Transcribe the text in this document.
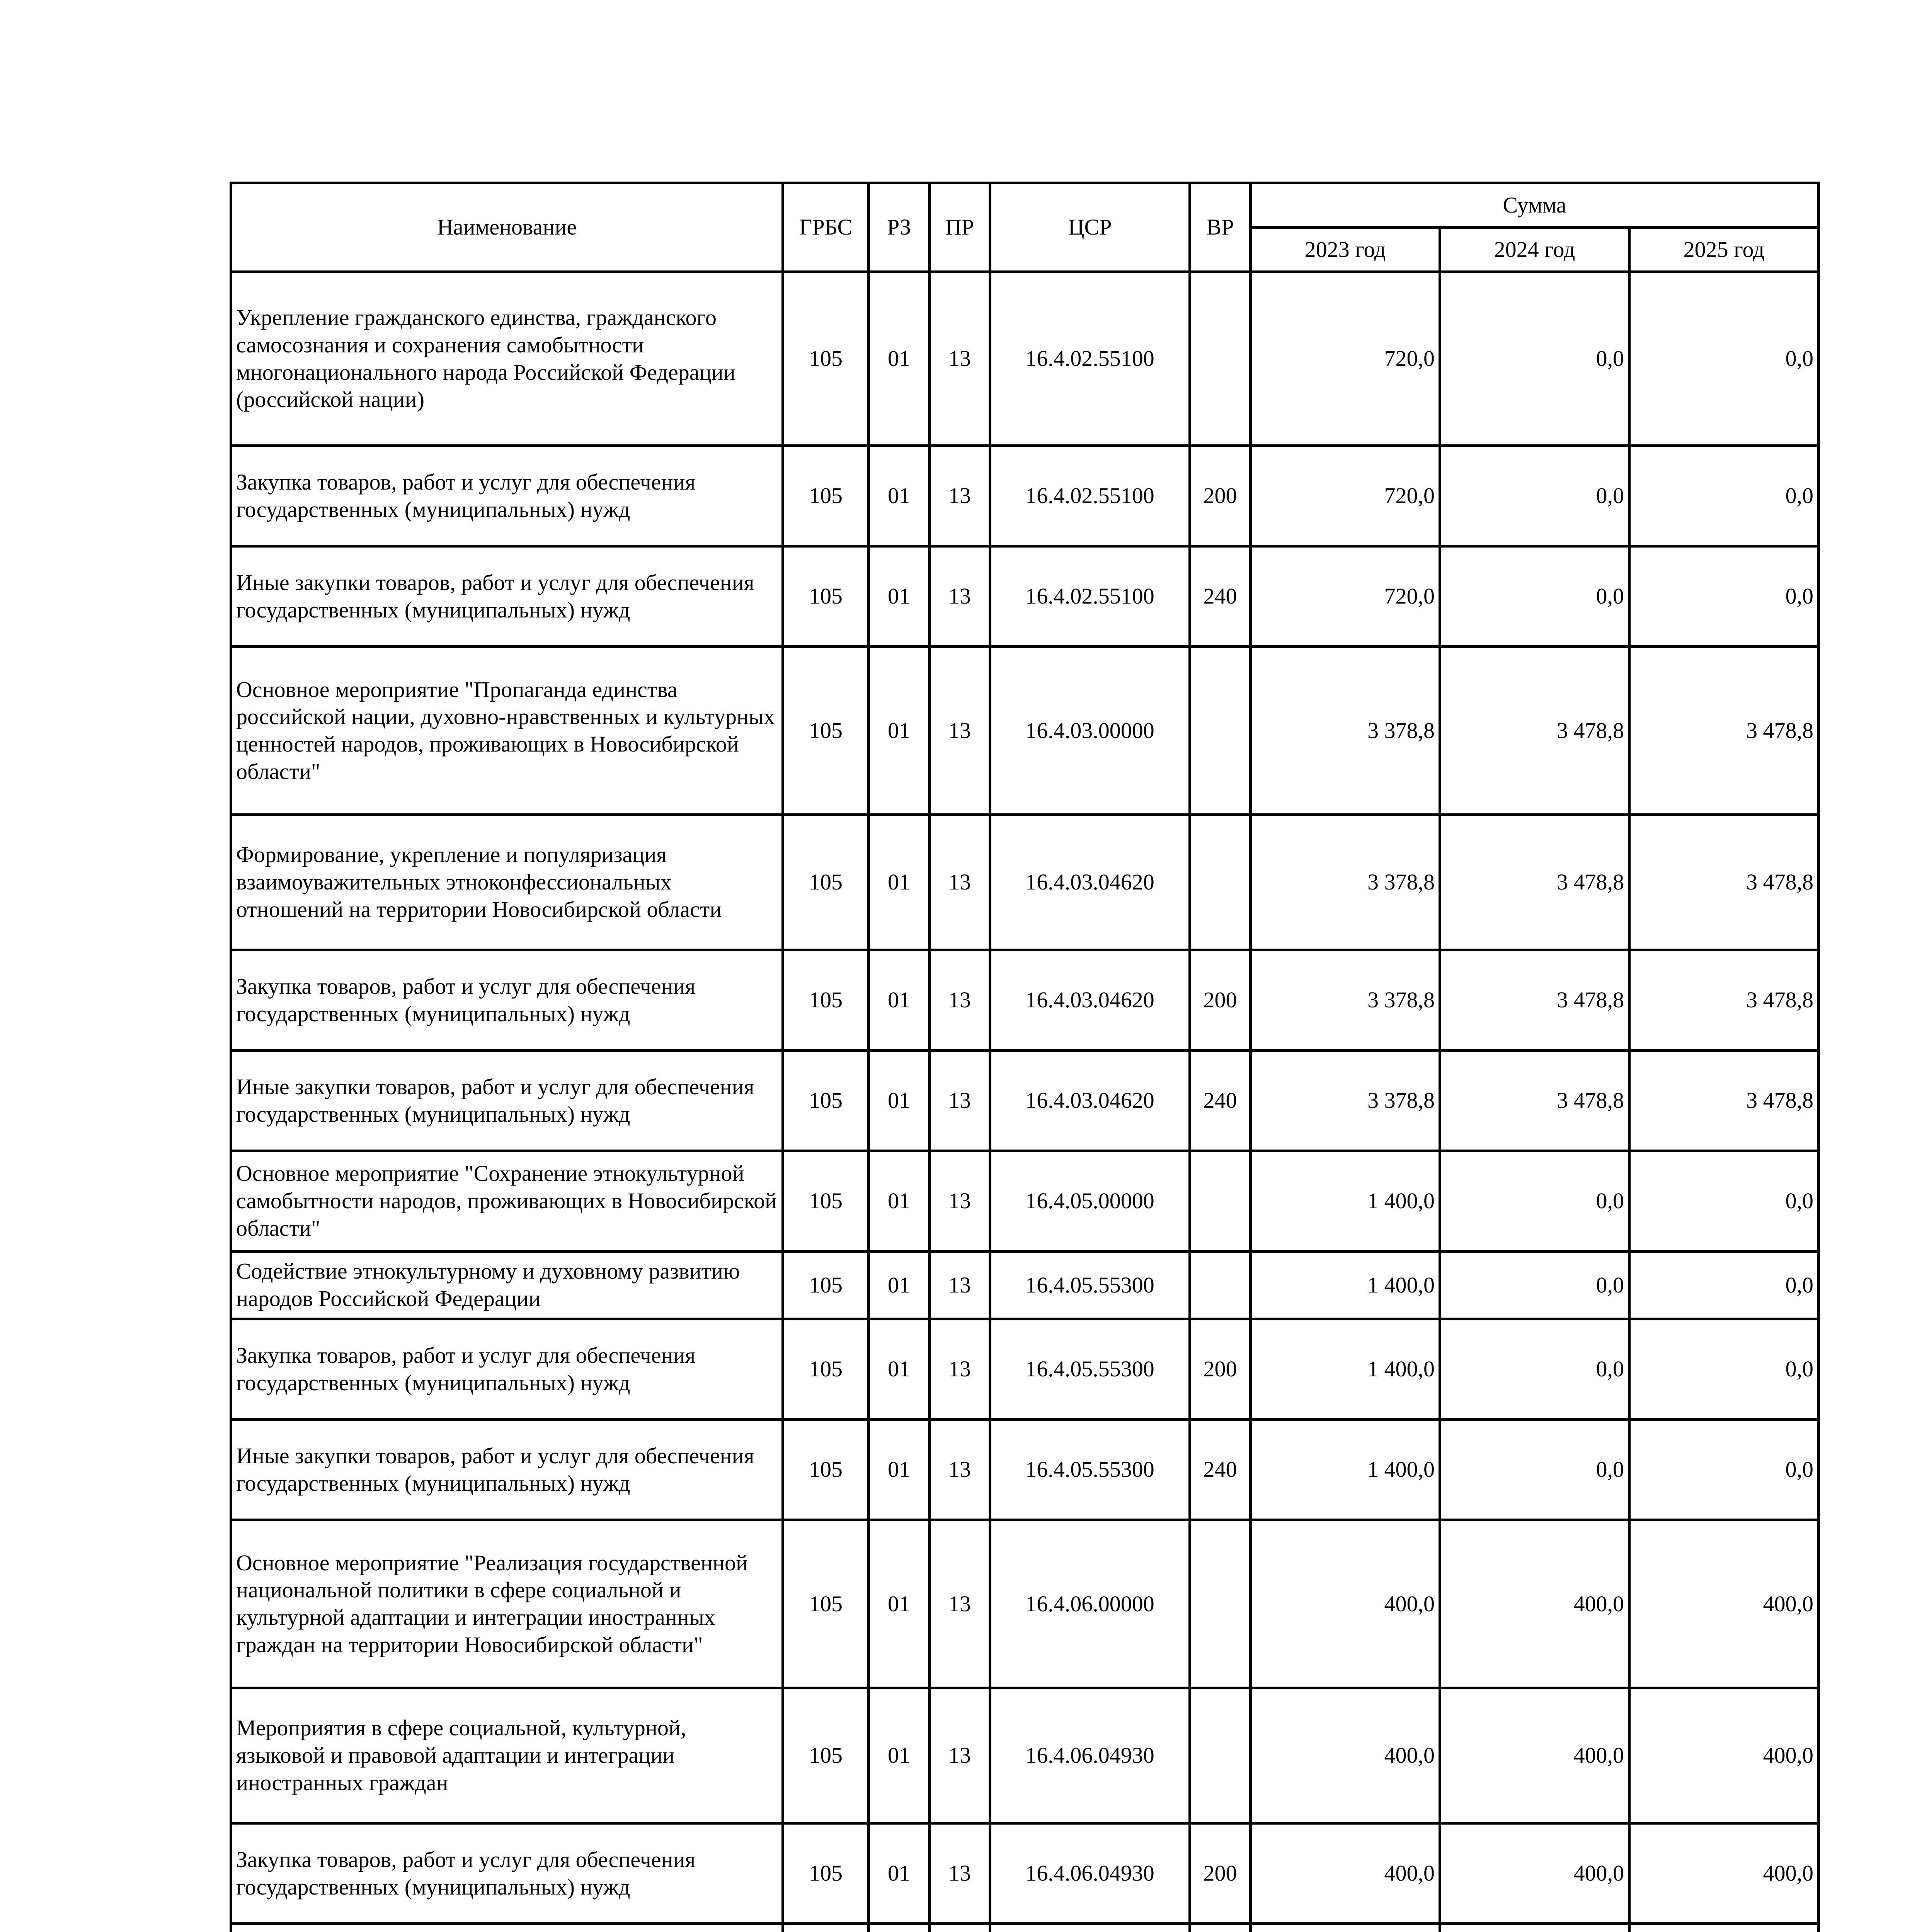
Наименование	ГРБС	РЗ	ПР	ЦСР	ВР	Сумма		
						2023 год	2024 год	2025 год
Укрепление гражданского единства, гражданского самосознания и сохранения самобытности многонационального народа Российской Федерации (российской нации)	105	01	13	16.4.02.55100		720,0	0,0	0,0
Закупка товаров, работ и услуг для обеспечения государственных (муниципальных) нужд	105	01	13	16.4.02.55100	200	720,0	0,0	0,0
Иные закупки товаров, работ и услуг для обеспечения государственных (муниципальных) нужд	105	01	13	16.4.02.55100	240	720,0	0,0	0,0
Основное мероприятие "Пропаганда единства российской нации, духовно-нравственных и культурных ценностей народов, проживающих в Новосибирской области"	105	01	13	16.4.03.00000		3 378,8	3 478,8	3 478,8
Формирование, укрепление и популяризация взаимоуважительных этноконфессиональных отношений на территории Новосибирской области	105	01	13	16.4.03.04620		3 378,8	3 478,8	3 478,8
Закупка товаров, работ и услуг для обеспечения государственных (муниципальных) нужд	105	01	13	16.4.03.04620	200	3 378,8	3 478,8	3 478,8
Иные закупки товаров, работ и услуг для обеспечения государственных (муниципальных) нужд	105	01	13	16.4.03.04620	240	3 378,8	3 478,8	3 478,8
Основное мероприятие "Сохранение этнокультурной самобытности народов, проживающих в Новосибирской области"	105	01	13	16.4.05.00000		1 400,0	0,0	0,0
Содействие этнокультурному и духовному развитию народов Российской Федерации	105	01	13	16.4.05.55300		1 400,0	0,0	0,0
Закупка товаров, работ и услуг для обеспечения государственных (муниципальных) нужд	105	01	13	16.4.05.55300	200	1 400,0	0,0	0,0
Иные закупки товаров, работ и услуг для обеспечения государственных (муниципальных) нужд	105	01	13	16.4.05.55300	240	1 400,0	0,0	0,0
Основное мероприятие "Реализация государственной национальной политики в сфере социальной и культурной адаптации и интеграции иностранных граждан на территории Новосибирской области"	105	01	13	16.4.06.00000		400,0	400,0	400,0
Мероприятия в сфере социальной, культурной, языковой и правовой адаптации и интеграции иностранных граждан	105	01	13	16.4.06.04930		400,0	400,0	400,0
Закупка товаров, работ и услуг для обеспечения государственных (муниципальных) нужд	105	01	13	16.4.06.04930	200	400,0	400,0	400,0
